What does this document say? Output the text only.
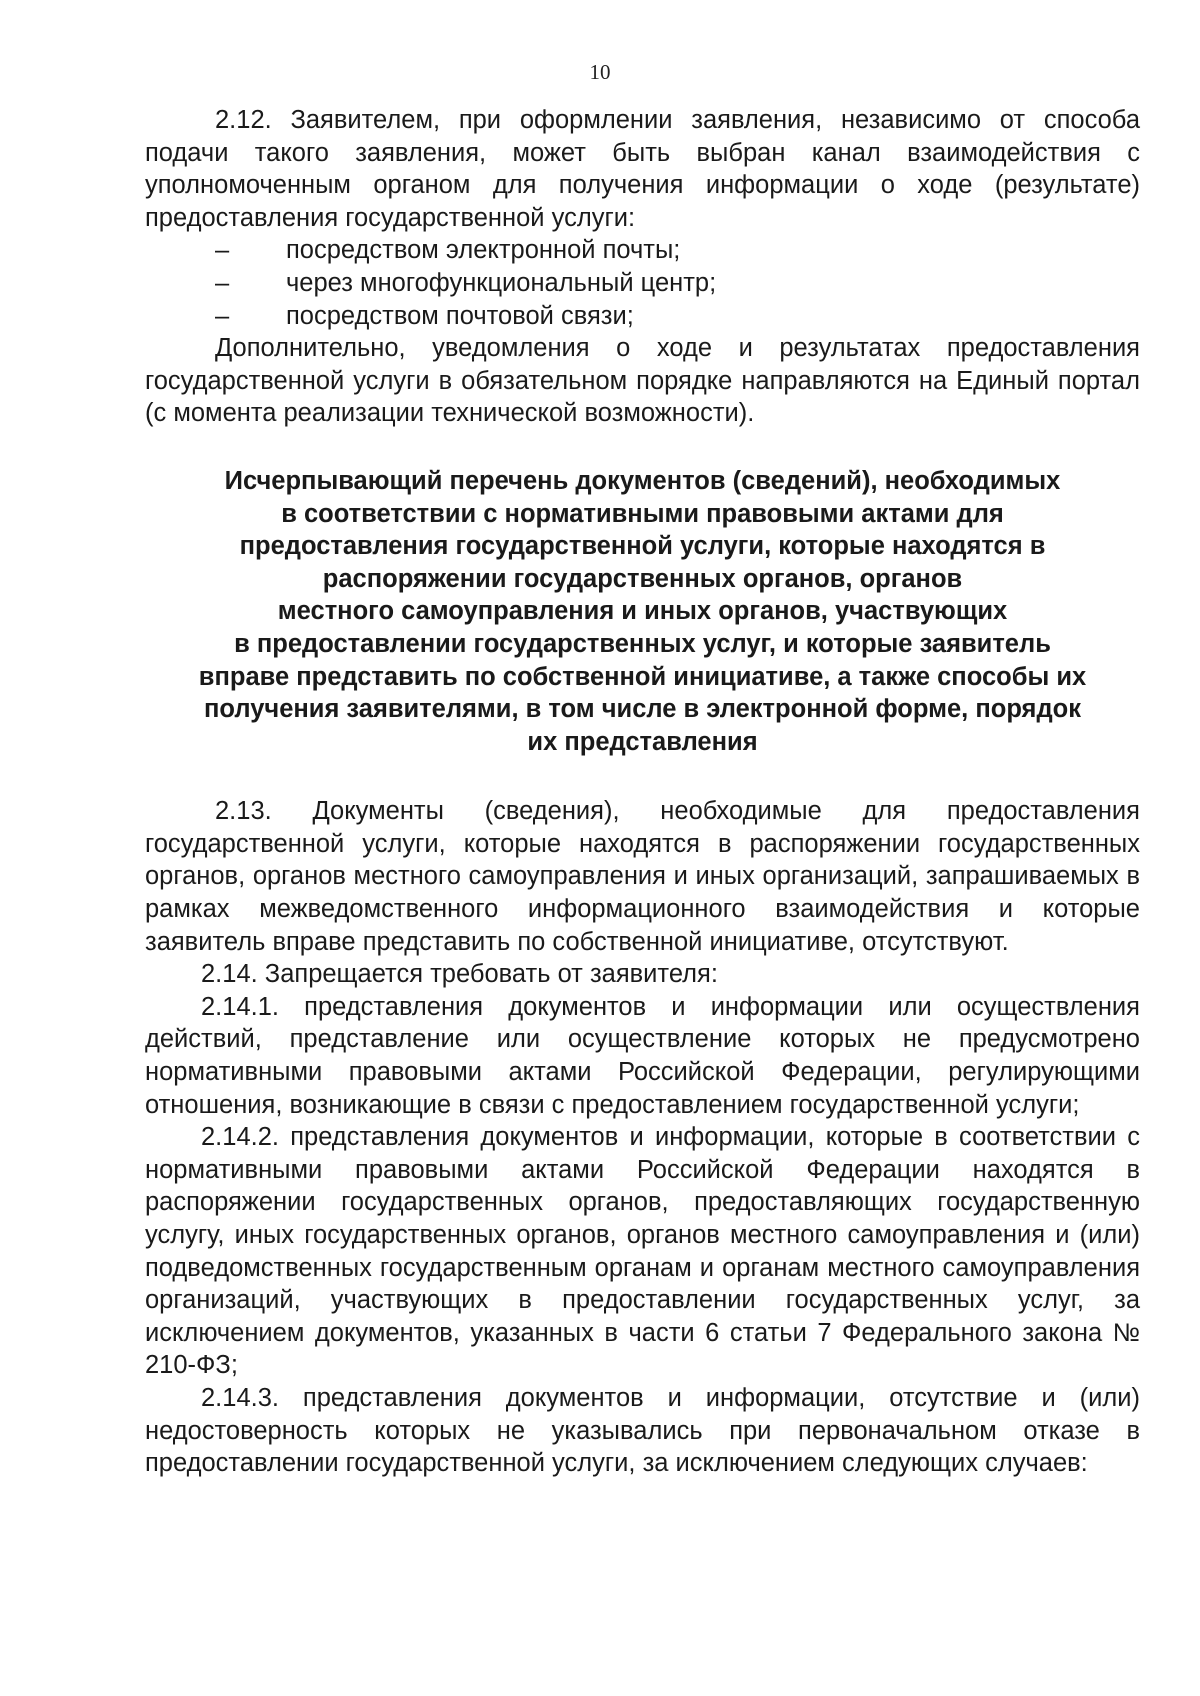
10

2.12. Заявителем, при оформлении заявления, независимо от способа подачи такого заявления, может быть выбран канал взаимодействия с уполномоченным органом для получения информации о ходе (результате) предоставления государственной услуги:

–	посредством электронной почты;
–	через многофункциональный центр;
–	посредством почтовой связи;

Дополнительно, уведомления о ходе и результатах предоставления государственной услуги в обязательном порядке направляются на Единый портал (с момента реализации технической возможности).

Исчерпывающий перечень документов (сведений), необходимых
в соответствии с нормативными правовыми актами для
предоставления государственной услуги, которые находятся в
распоряжении государственных органов, органов
местного самоуправления и иных органов, участвующих
в предоставлении государственных услуг, и которые заявитель
вправе представить по собственной инициативе, а также способы их
получения заявителями, в том числе в электронной форме, порядок
их представления

2.13. Документы (сведения), необходимые для предоставления государственной услуги, которые находятся в распоряжении государственных органов, органов местного самоуправления и иных организаций, запрашиваемых в рамках межведомственного информационного взаимодействия и которые заявитель вправе представить по собственной инициативе, отсутствуют.

2.14. Запрещается требовать от заявителя:

2.14.1. представления документов и информации или осуществления действий, представление или осуществление которых не предусмотрено нормативными правовыми актами Российской Федерации, регулирующими отношения, возникающие в связи с предоставлением государственной услуги;

2.14.2. представления документов и информации, которые в соответствии с нормативными правовыми актами Российской Федерации находятся в распоряжении государственных органов, предоставляющих государственную услугу, иных государственных органов, органов местного самоуправления и (или) подведомственных государственным органам и органам местного самоуправления организаций, участвующих в предоставлении государственных услуг, за исключением документов, указанных в части 6 статьи 7 Федерального закона № 210-ФЗ;

2.14.3. представления документов и информации, отсутствие и (или) недостоверность которых не указывались при первоначальном отказе в предоставлении государственной услуги, за исключением следующих случаев:
